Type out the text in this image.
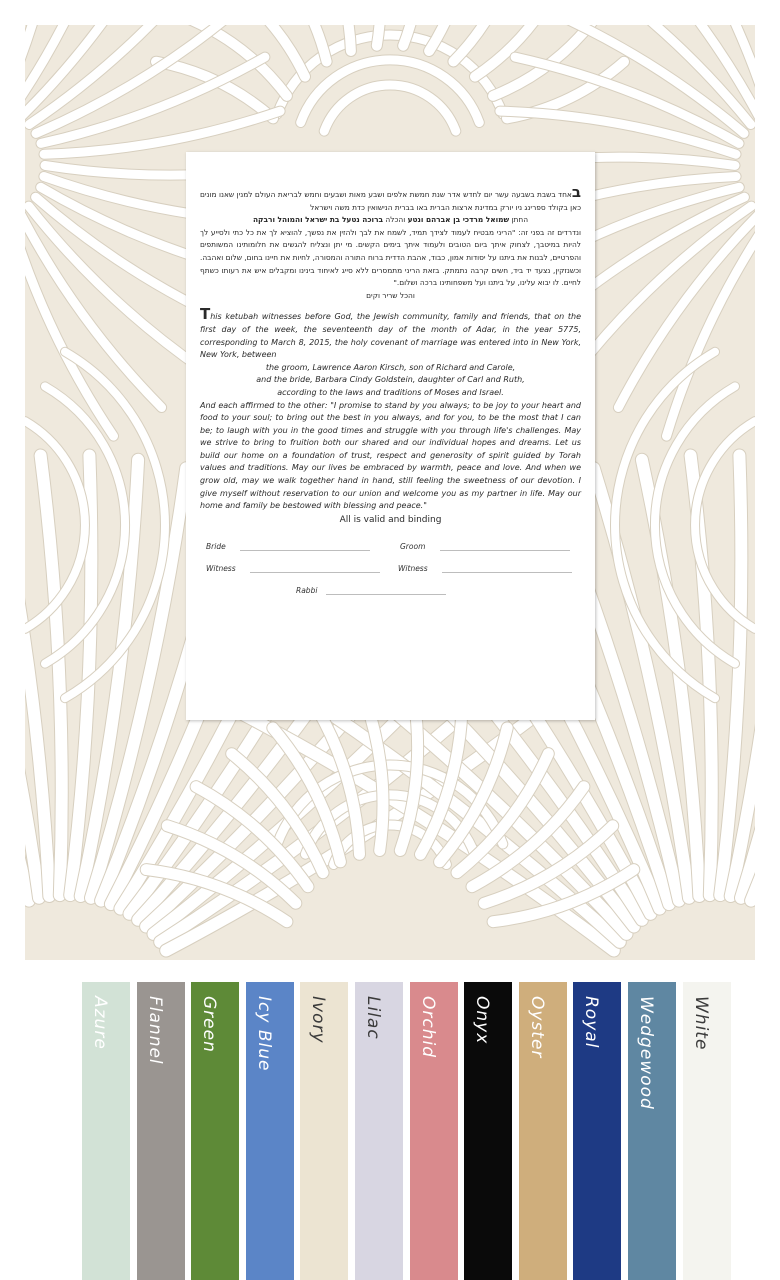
באחד בשבת בשבעה עשר יום לחדש אדר שנת חמשת אלפים ושבע מאות ושבעים וחמש לבריאת העולם למנין שאנו מונים כאן בקולד ספרינג ניו יורק במדינת ארצות הברית באו בברית הנישואין כדת משה וישראל

החתן שמואל מרדכי בן אברהם ונטע והכלה ברוכה נטעל בת ישראל והמוהל ורבקה

ונדרדים זה בפני זה: "הריני מבטיח לעמוד לצידך תמיד, לשמח את לבך ולהזין את נפשך, להוציא לך את כל כתי ולסייע לך להיות במיטבך, לצחוק איתך ביום הטובים ולעמוד איתך בימים הקשים. מי יתן ונצליח להגשים את חלומותינו המשותפים והפרטיים, לבנות את ביתנו על יסודות אמון, כבוד, אהבת הדדית ברוח התורה והמסורה, לחיות את חיינו בחום, שלום ואהבה. וכשנזקין, נצעד יד ביד, חשים קרבה נתמתק. בזאת הריני מתמסרים ללא סייג לאיחוד בינינו ומקבלים איש את רעותו כשתף לחיים. לו יבוא עלינו, על ביתנו ועל משפחותינו ברכה ושלום."

והכל שריר וקים

This ketubah witnesses before God, the Jewish community, family and friends, that on the first day of the week, the seventeenth day of the month of Adar, in the year 5775, corresponding to March 8, 2015, the holy covenant of marriage was entered into in New York, New York, between

the groom, Lawrence Aaron Kirsch, son of Richard and Carole,

and the bride, Barbara Cindy Goldstein, daughter of Carl and Ruth,

according to the laws and traditions of Moses and Israel.

And each affirmed to the other: "I promise to stand by you always; to be joy to your heart and food to your soul; to bring out the best in you always, and for you, to be the most that I can be; to laugh with you in the good times and struggle with you through life's challenges. May we strive to bring to fruition both our shared and our individual hopes and dreams. Let us build our home on a foundation of trust, respect and generosity of spirit guided by Torah values and traditions. May our lives be embraced by warmth, peace and love. And when we grow old, may we walk together hand in hand, still feeling the sweetness of our devotion. I give myself without reservation to our union and welcome you as my partner in life. May our home and family be bestowed with blessing and peace."

All is valid and binding

Bride	Groom
Witness	Witness
Rabbi
Azure Flannel Green Icy Blue Ivory Lilac Orchid Onyx Oyster Royal Wedgewood White
